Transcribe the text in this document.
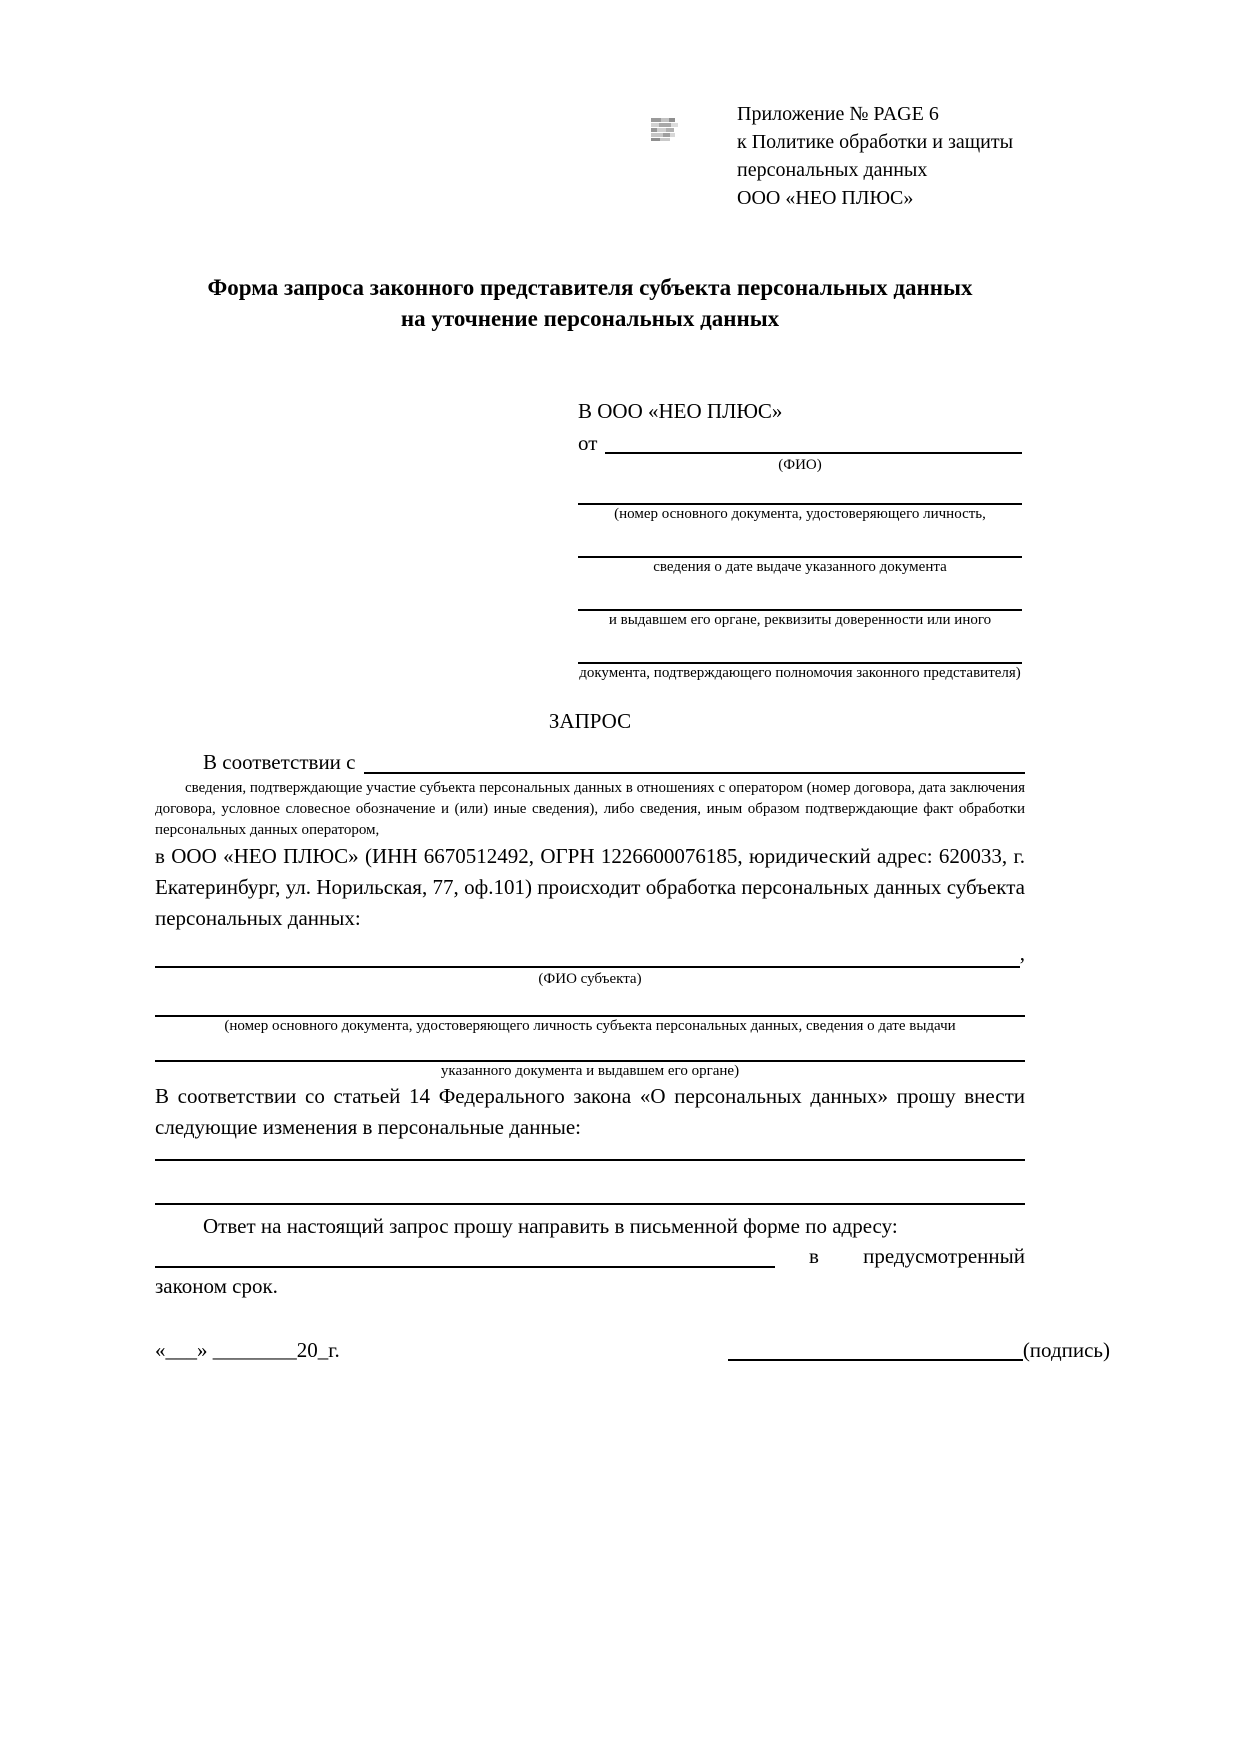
Приложение № PAGE 6
к Политике обработки и защиты
персональных данных
ООО «НЕО ПЛЮС»
Форма запроса законного представителя субъекта персональных данных
на уточнение персональных данных
В ООО «НЕО ПЛЮС»
от
(ФИО)
(номер основного документа, удостоверяющего личность,
сведения о дате выдаче указанного документа
и выдавшем его органе, реквизиты доверенности или иного
документа, подтверждающего полномочия законного представителя)
ЗАПРОС
В соответствии с

сведения, подтверждающие участие субъекта персональных данных в отношениях с оператором (номер договора, дата заключения договора, условное словесное обозначение и (или) иные сведения), либо сведения, иным образом подтверждающие факт обработки персональных данных оператором,

в ООО «НЕО ПЛЮС» (ИНН 6670512492, ОГРН 1226600076185, юридический адрес: 620033, г. Екатеринбург, ул. Норильская, 77, оф.101) происходит обработка персональных данных субъекта персональных данных:

,
(ФИО субъекта)
(номер основного документа, удостоверяющего личность субъекта персональных данных, сведения о дате выдачи
указанного документа и выдавшем его органе)

В соответствии со статьей 14 Федерального закона «О персональных данных» прошу внести следующие изменения в персональные данные:

Ответ на настоящий запрос прошу направить в письменной форме по адресу:
в предусмотренный
законом срок.
«___» ________20_г.	(подпись)
